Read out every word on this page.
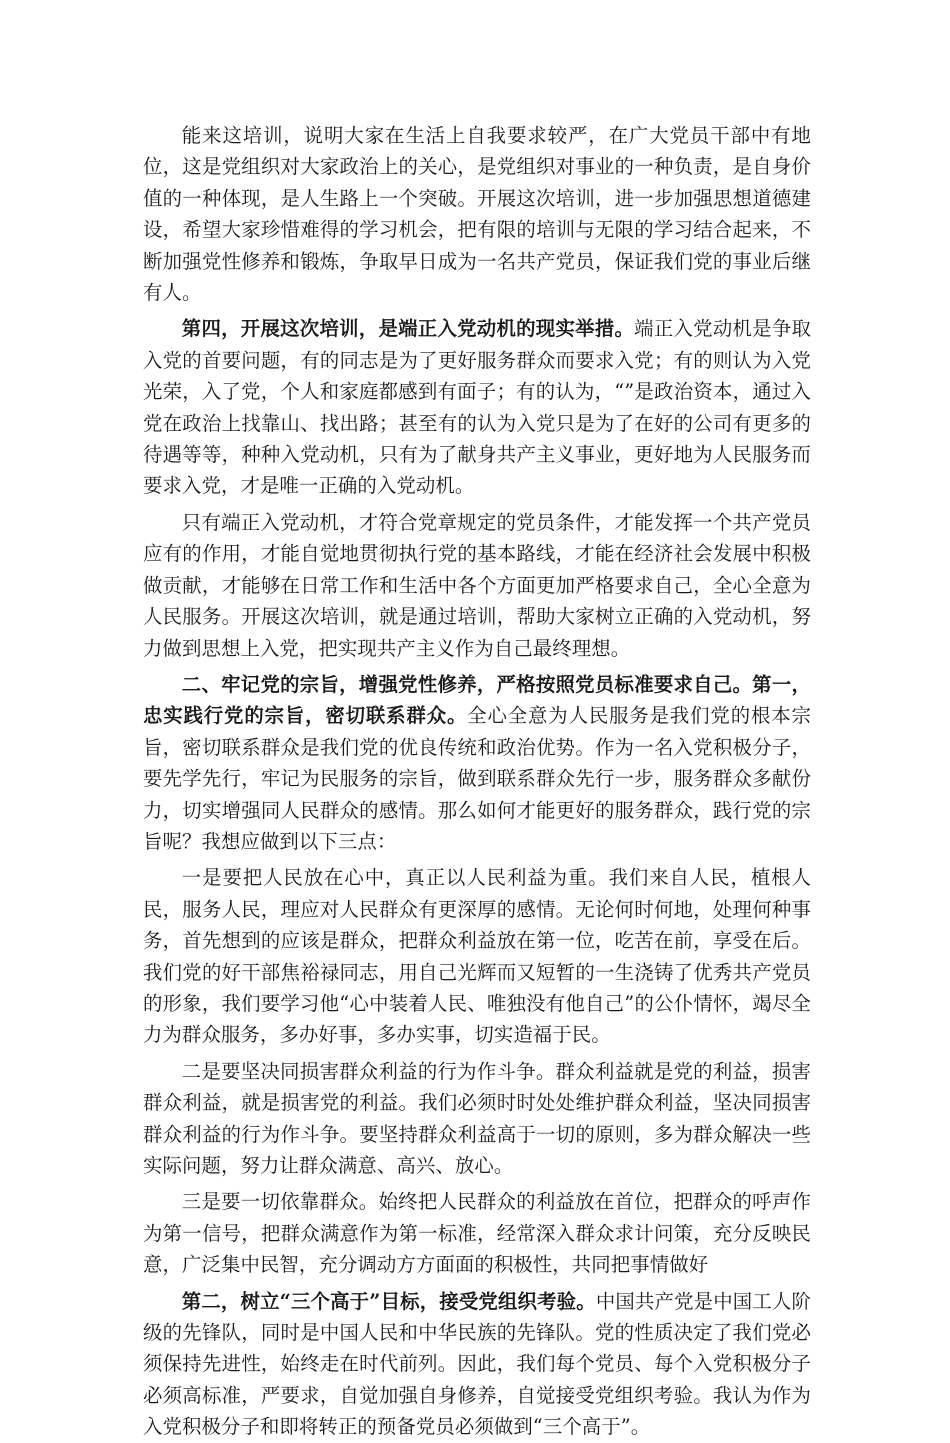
能来这培训，说明大家在生活上自我要求较严，在广大党员干部中有地位，这是党组织对大家政治上的关心，是党组织对事业的一种负责，是自身价值的一种体现，是人生路上一个突破。开展这次培训，进一步加强思想道德建设，希望大家珍惜难得的学习机会，把有限的培训与无限的学习结合起来，不断加强党性修养和锻炼，争取早日成为一名共产党员，保证我们党的事业后继有人。

第四，开展这次培训，是端正入党动机的现实举措。端正入党动机是争取入党的首要问题，有的同志是为了更好服务群众而要求入党；有的则认为入党光荣，入了党，个人和家庭都感到有面子；有的认为，“”是政治资本，通过入党在政治上找靠山、找出路；甚至有的认为入党只是为了在好的公司有更多的待遇等等，种种入党动机，只有为了献身共产主义事业，更好地为人民服务而要求入党，才是唯一正确的入党动机。

只有端正入党动机，才符合党章规定的党员条件，才能发挥一个共产党员应有的作用，才能自觉地贯彻执行党的基本路线，才能在经济社会发展中积极做贡献，才能够在日常工作和生活中各个方面更加严格要求自己，全心全意为人民服务。开展这次培训，就是通过培训，帮助大家树立正确的入党动机，努力做到思想上入党，把实现共产主义作为自己最终理想。

二、牢记党的宗旨，增强党性修养，严格按照党员标准要求自己。第一，忠实践行党的宗旨，密切联系群众。全心全意为人民服务是我们党的根本宗旨，密切联系群众是我们党的优良传统和政治优势。作为一名入党积极分子，要先学先行，牢记为民服务的宗旨，做到联系群众先行一步，服务群众多献份力，切实增强同人民群众的感情。那么如何才能更好的服务群众，践行党的宗旨呢？我想应做到以下三点：

一是要把人民放在心中，真正以人民利益为重。我们来自人民，植根人民，服务人民，理应对人民群众有更深厚的感情。无论何时何地，处理何种事务，首先想到的应该是群众，把群众利益放在第一位，吃苦在前，享受在后。我们党的好干部焦裕禄同志，用自己光辉而又短暂的一生浇铸了优秀共产党员的形象，我们要学习他“心中装着人民、唯独没有他自己”的公仆情怀，竭尽全力为群众服务，多办好事，多办实事，切实造福于民。

二是要坚决同损害群众利益的行为作斗争。群众利益就是党的利益，损害群众利益，就是损害党的利益。我们必须时时处处维护群众利益，坚决同损害群众利益的行为作斗争。要坚持群众利益高于一切的原则，多为群众解决一些实际问题，努力让群众满意、高兴、放心。

三是要一切依靠群众。始终把人民群众的利益放在首位，把群众的呼声作为第一信号，把群众满意作为第一标准，经常深入群众求计问策，充分反映民意，广泛集中民智，充分调动方方面面的积极性，共同把事情做好

第二，树立“三个高于”目标，接受党组织考验。中国共产党是中国工人阶级的先锋队，同时是中国人民和中华民族的先锋队。党的性质决定了我们党必须保持先进性，始终走在时代前列。因此，我们每个党员、每个入党积极分子必须高标准，严要求，自觉加强自身修养，自觉接受党组织考验。我认为作为入党积极分子和即将转正的预备党员必须做到“三个高于”。
